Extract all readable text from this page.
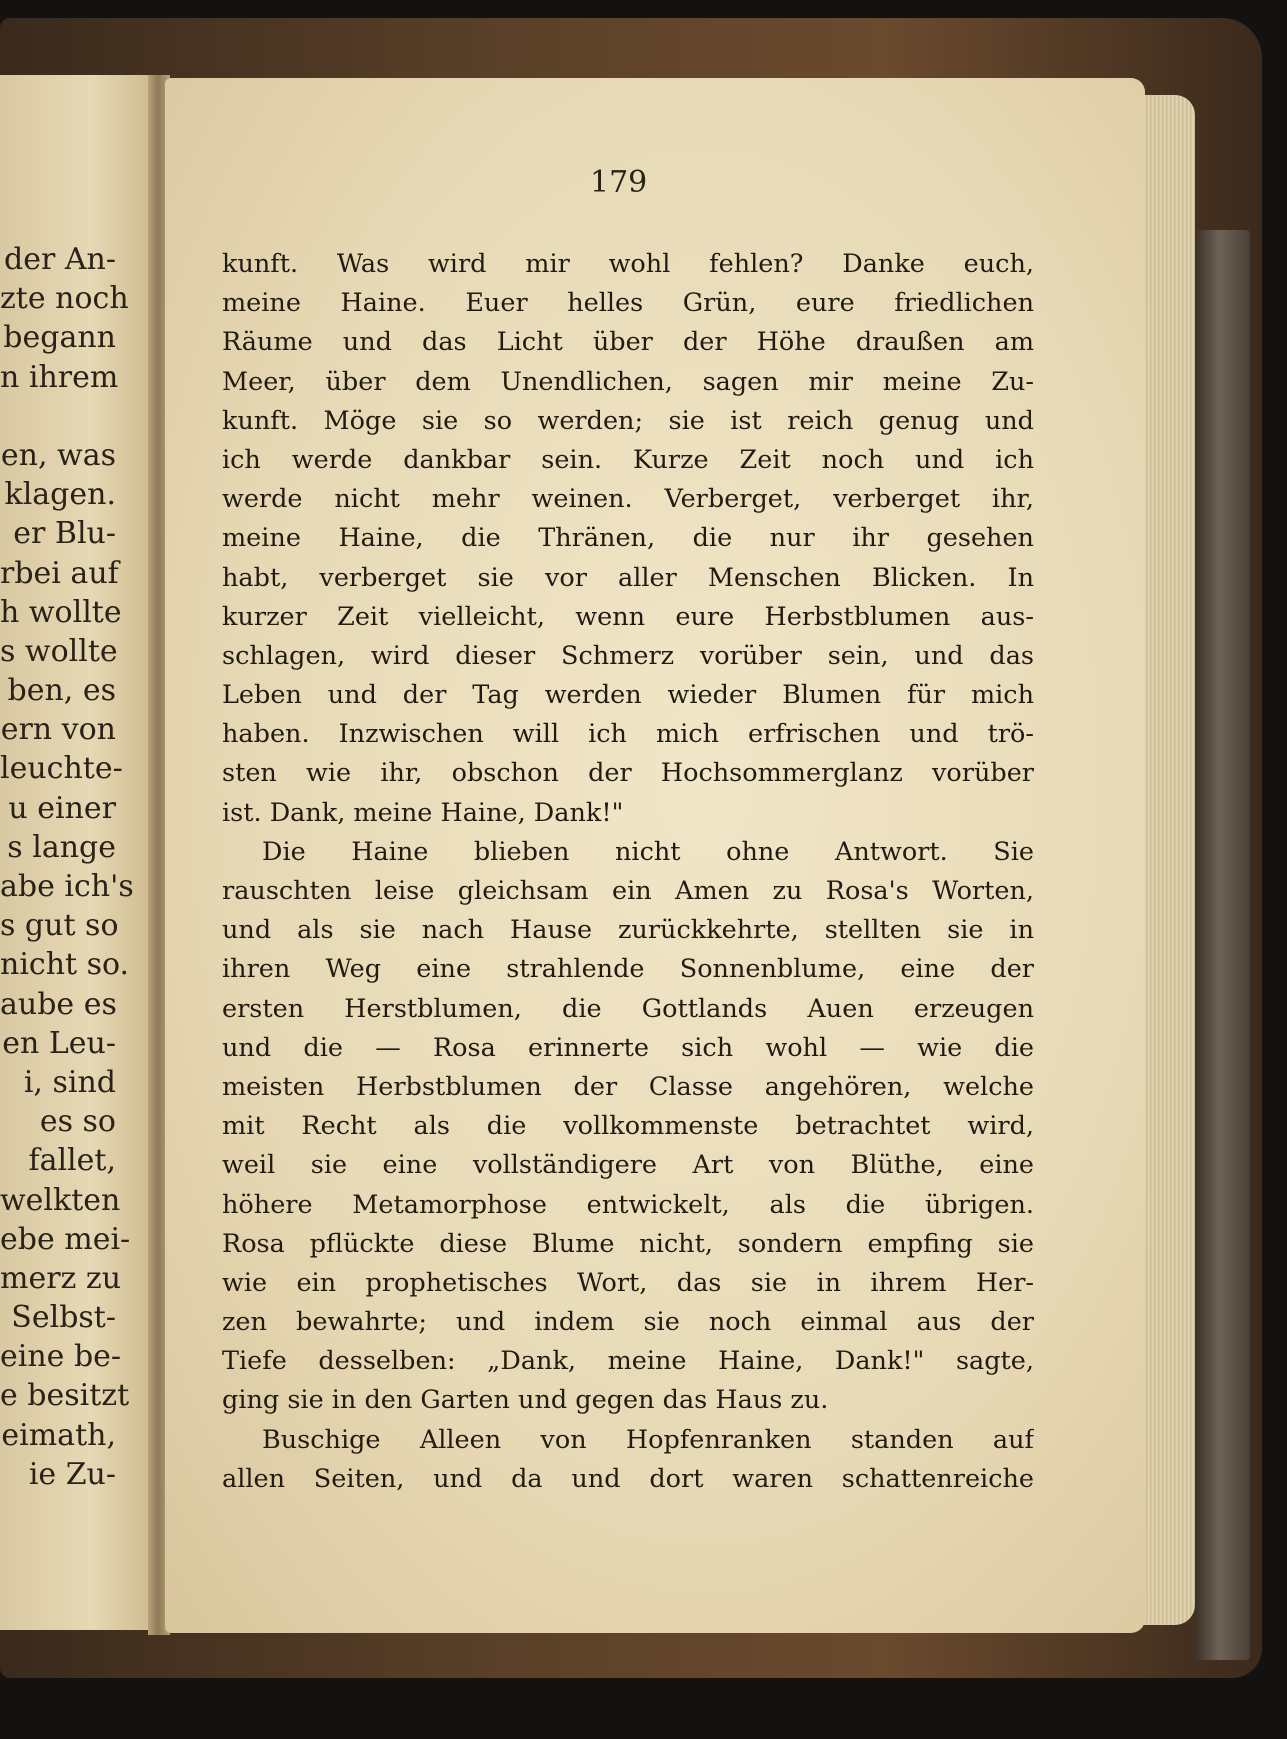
der An-
zte noch
begann
n ihrem
en, was
klagen.
er Blu-
rbei auf
h wollte
s wollte
ben, es
ern von
leuchte-
u einer
s lange
abe ich's
s gut so
nicht so.
aube es
en Leu-
i, sind
es so
fallet,
welkten
ebe mei-
merz zu
Selbst-
eine be-
e besitzt
eimath,
ie Zu-
179
kunft. Was wird mir wohl fehlen? Danke euch,
meine Haine. Euer helles Grün, eure friedlichen
Räume und das Licht über der Höhe draußen am
Meer, über dem Unendlichen, sagen mir meine Zu-
kunft. Möge sie so werden; sie ist reich genug und
ich werde dankbar sein. Kurze Zeit noch und ich
werde nicht mehr weinen. Verberget, verberget ihr,
meine Haine, die Thränen, die nur ihr gesehen
habt, verberget sie vor aller Menschen Blicken. In
kurzer Zeit vielleicht, wenn eure Herbstblumen aus-
schlagen, wird dieser Schmerz vorüber sein, und das
Leben und der Tag werden wieder Blumen für mich
haben. Inzwischen will ich mich erfrischen und trö-
sten wie ihr, obschon der Hochsommerglanz vorüber
ist. Dank, meine Haine, Dank!"
Die Haine blieben nicht ohne Antwort. Sie
rauschten leise gleichsam ein Amen zu Rosa's Worten,
und als sie nach Hause zurückkehrte, stellten sie in
ihren Weg eine strahlende Sonnenblume, eine der
ersten Herstblumen, die Gottlands Auen erzeugen
und die — Rosa erinnerte sich wohl — wie die
meisten Herbstblumen der Classe angehören, welche
mit Recht als die vollkommenste betrachtet wird,
weil sie eine vollständigere Art von Blüthe, eine
höhere Metamorphose entwickelt, als die übrigen.
Rosa pflückte diese Blume nicht, sondern empfing sie
wie ein prophetisches Wort, das sie in ihrem Her-
zen bewahrte; und indem sie noch einmal aus der
Tiefe desselben: „Dank, meine Haine, Dank!" sagte,
ging sie in den Garten und gegen das Haus zu.
Buschige Alleen von Hopfenranken standen auf
allen Seiten, und da und dort waren schattenreiche
